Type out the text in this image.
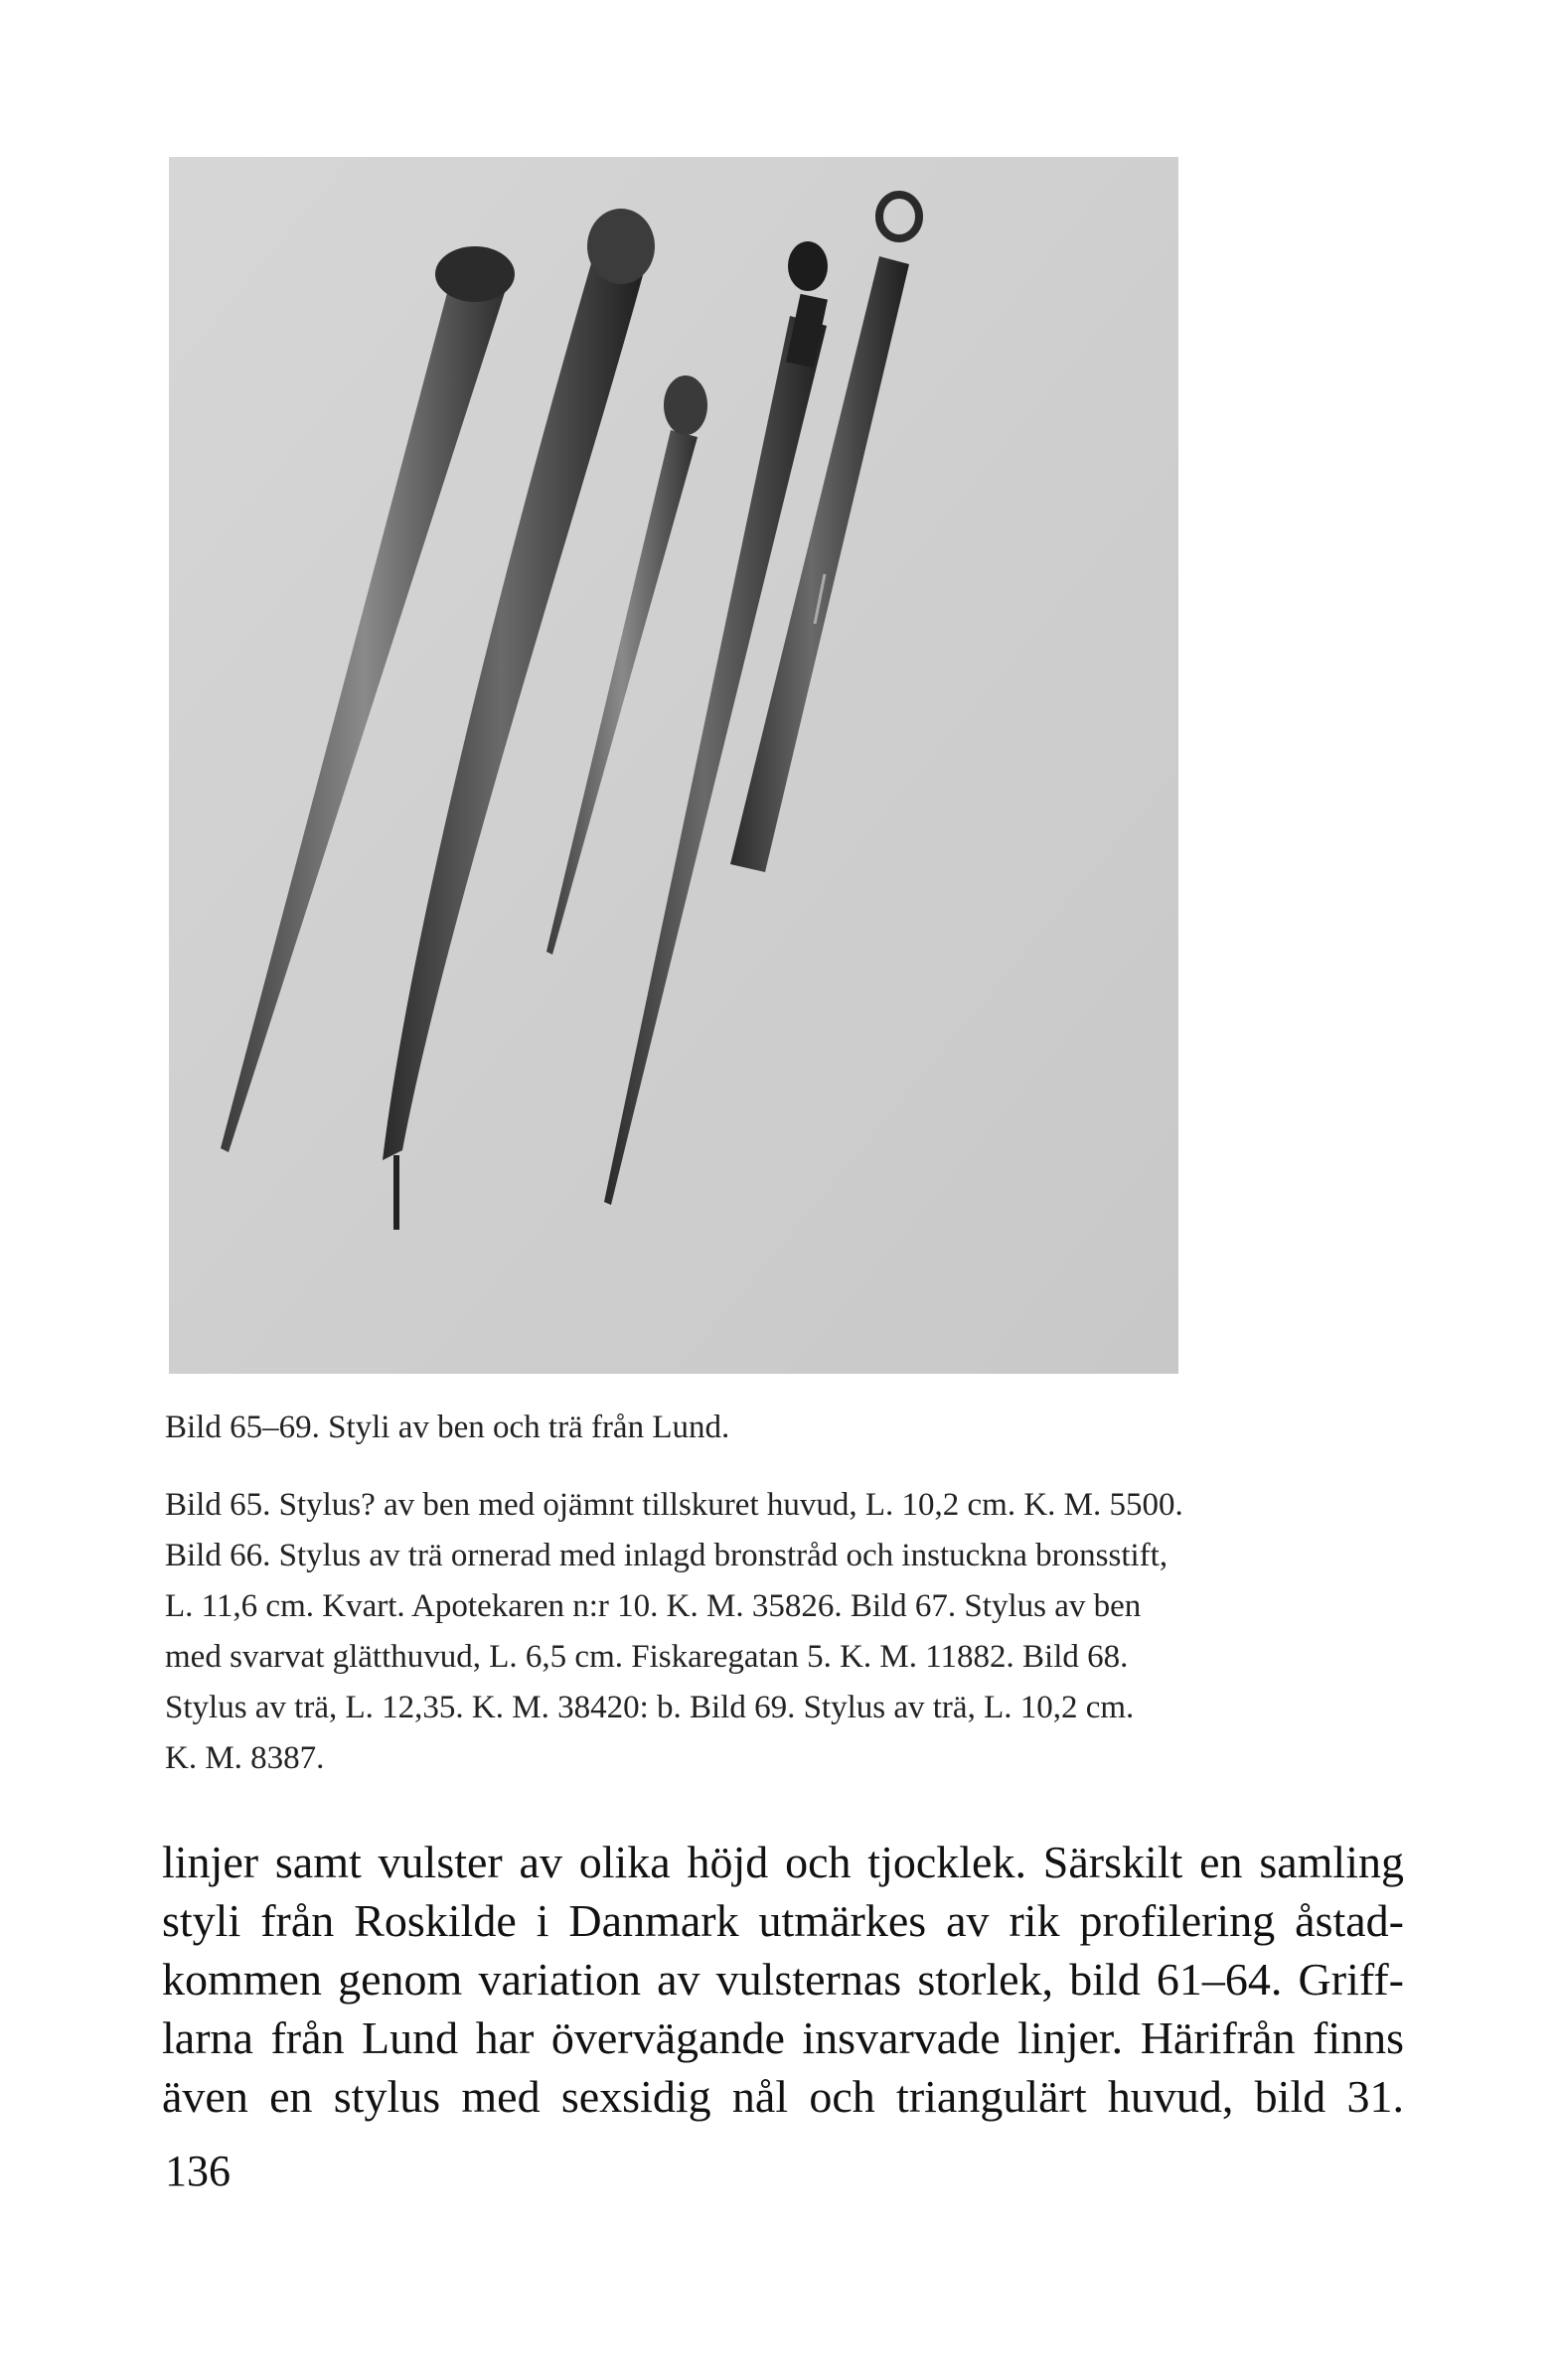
Bild 65–69. Styli av ben och trä från Lund.
Bild 65. Stylus? av ben med ojämnt tillskuret huvud, L. 10,2 cm. K. M. 5500.
Bild 66. Stylus av trä ornerad med inlagd bronstråd och instuckna bronsstift,
L. 11,6 cm. Kvart. Apotekaren n:r 10. K. M. 35826. Bild 67. Stylus av ben
med svarvat glätthuvud, L. 6,5 cm. Fiskaregatan 5. K. M. 11882. Bild 68.
Stylus av trä, L. 12,35. K. M. 38420: b. Bild 69. Stylus av trä, L. 10,2 cm.
K. M. 8387.
linjer samt vulster av olika höjd och tjocklek. Särskilt en samling
styli från Roskilde i Danmark utmärkes av rik profilering åstad-
kommen genom variation av vulsternas storlek, bild 61–64. Griff-
larna från Lund har övervägande insvarvade linjer. Härifrån finns
även en stylus med sexsidig nål och triangulärt huvud, bild 31.
136
